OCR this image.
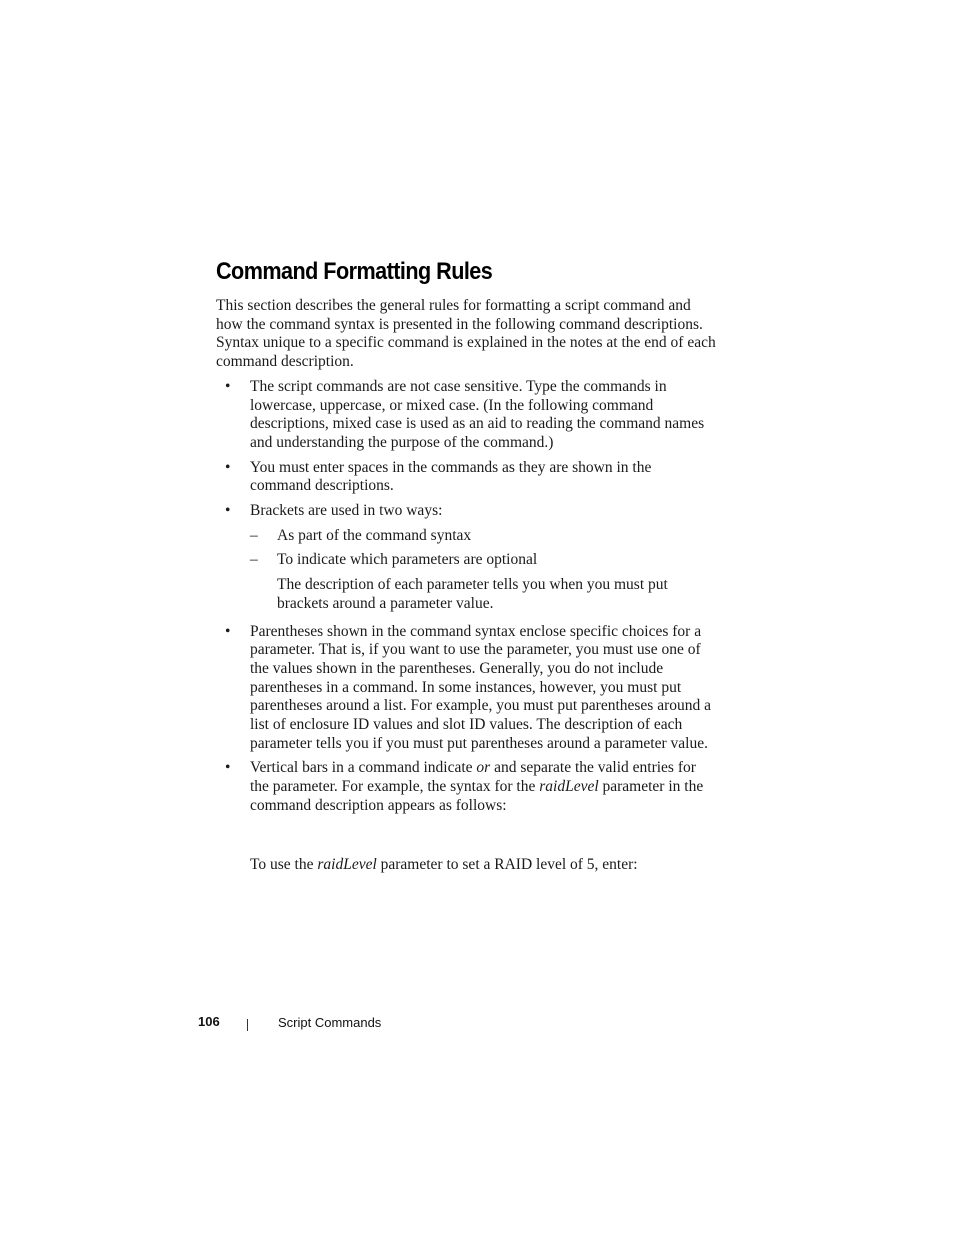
Command Formatting Rules

This section describes the general rules for formatting a script command and how the command syntax is presented in the following command descriptions. Syntax unique to a specific command is explained in the notes at the end of each command description.

• The script commands are not case sensitive. Type the commands in lowercase, uppercase, or mixed case. (In the following command descriptions, mixed case is used as an aid to reading the command names and understanding the purpose of the command.)
• You must enter spaces in the commands as they are shown in the command descriptions.
• Brackets are used in two ways:
– As part of the command syntax
– To indicate which parameters are optional

The description of each parameter tells you when you must put brackets around a parameter value.

• Parentheses shown in the command syntax enclose specific choices for a parameter. That is, if you want to use the parameter, you must use one of the values shown in the parentheses. Generally, you do not include parentheses in a command. In some instances, however, you must put parentheses around a list. For example, you must put parentheses around a list of enclosure ID values and slot ID values. The description of each parameter tells you if you must put parentheses around a parameter value.
• Vertical bars in a command indicate or and separate the valid entries for the parameter. For example, the syntax for the raidLevel parameter in the command description appears as follows:

To use the raidLevel parameter to set a RAID level of 5, enter:

106	Script Commands
